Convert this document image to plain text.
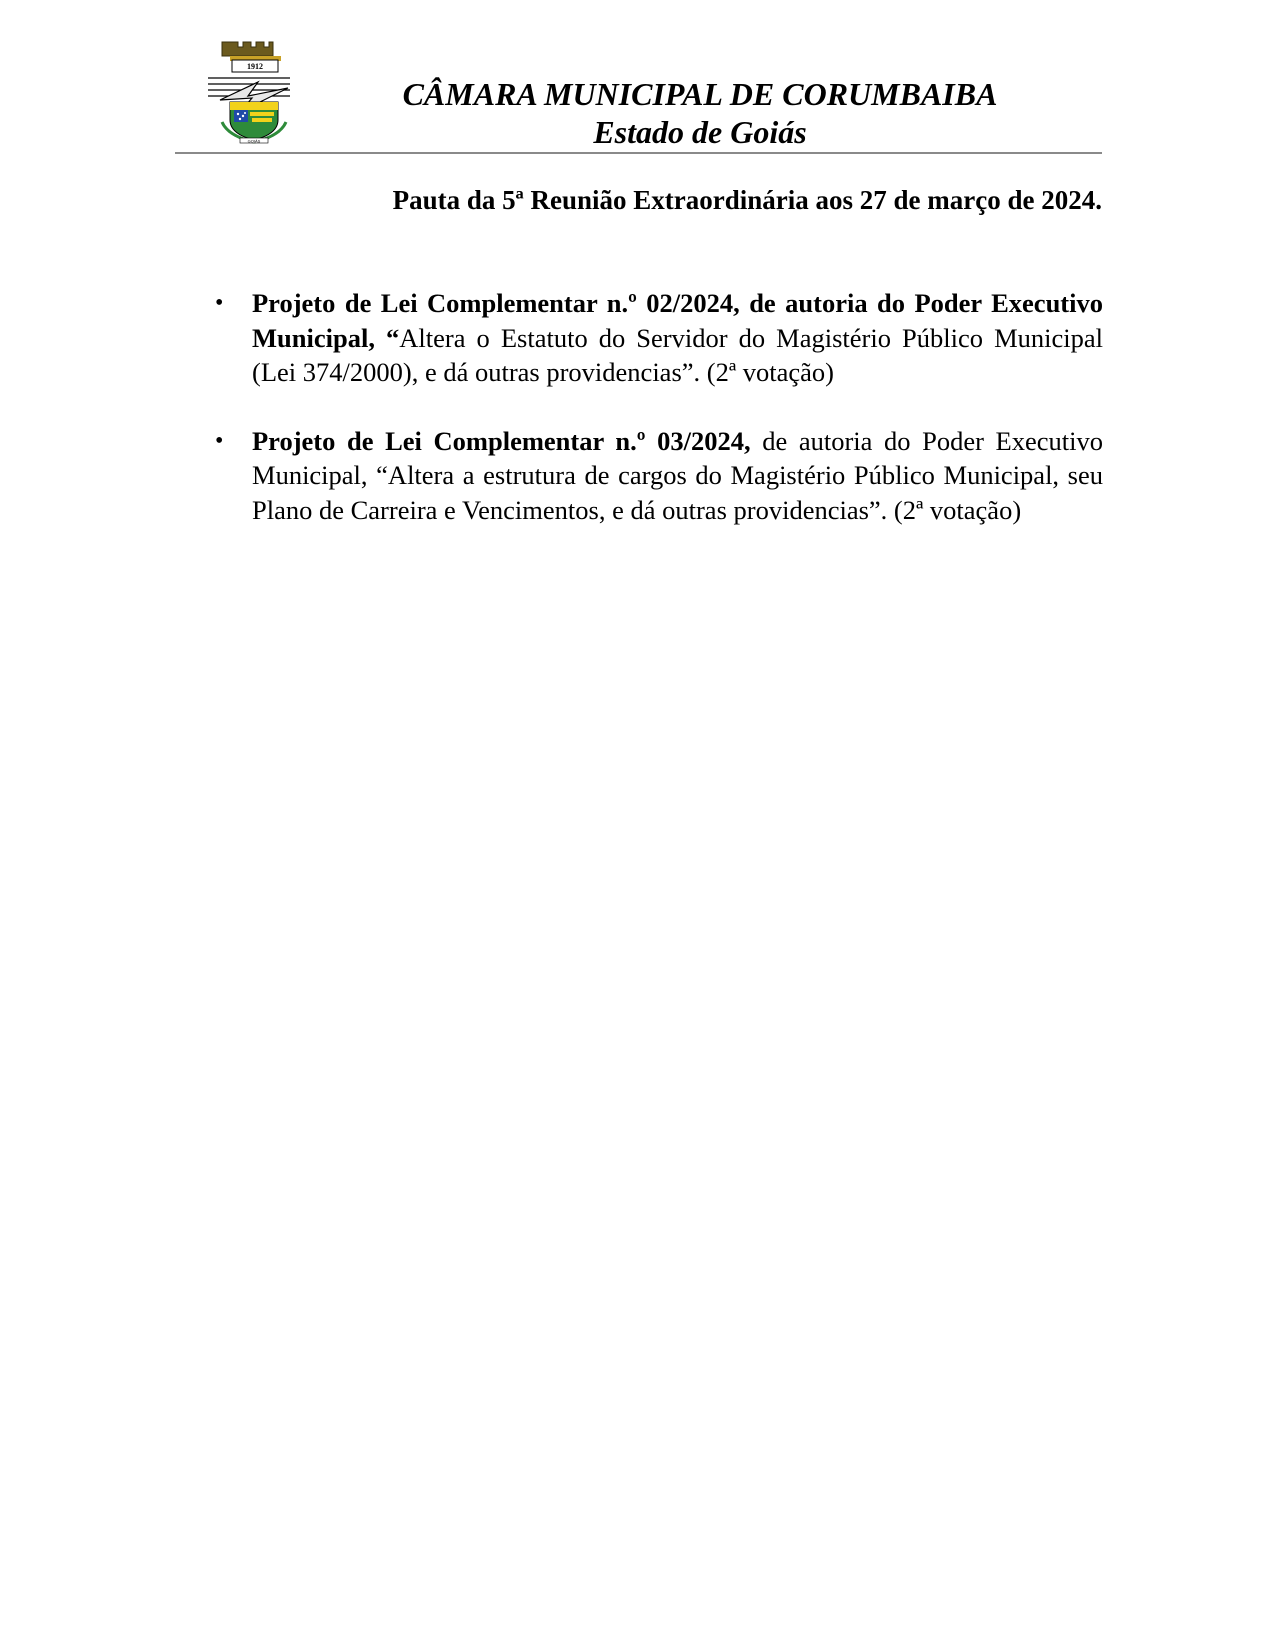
1912
GOIÁS
CÂMARA MUNICIPAL DE CORUMBAIBA
Estado de Goiás
Pauta da 5ª Reunião Extraordinária aos 27 de março de 2024.
• Projeto de Lei Complementar n.º 02/2024, de autoria do Poder Executivo Municipal, “Altera o Estatuto do Servidor do Magistério Público Municipal (Lei 374/2000), e dá outras providencias”. (2ª votação)
• Projeto de Lei Complementar n.º 03/2024, de autoria do Poder Executivo Municipal, “Altera a estrutura de cargos do Magistério Público Municipal, seu Plano de Carreira e Vencimentos, e dá outras providencias”. (2ª votação)
